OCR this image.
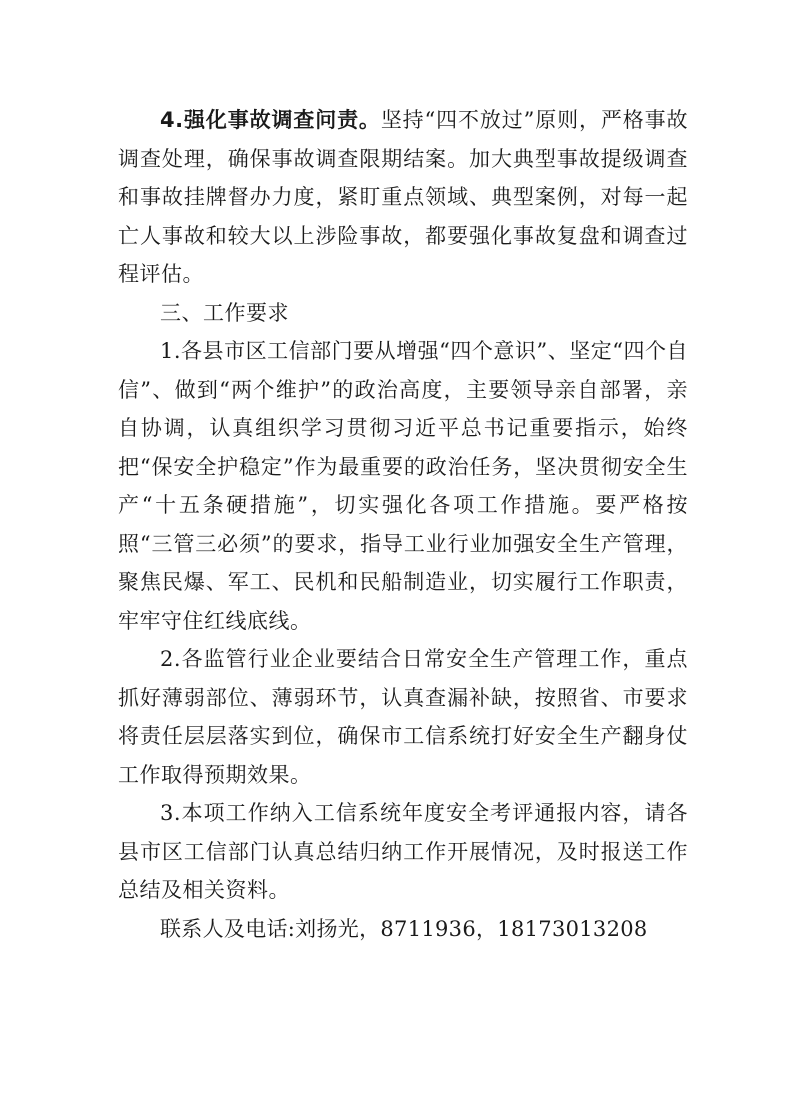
4.强化事故调查问责。坚持“四不放过”原则，严格事故调查处理，确保事故调查限期结案。加大典型事故提级调查和事故挂牌督办力度，紧盯重点领域、典型案例，对每一起亡人事故和较大以上涉险事故，都要强化事故复盘和调查过程评估。

三、工作要求

1.各县市区工信部门要从增强“四个意识”、坚定“四个自信”、做到“两个维护”的政治高度，主要领导亲自部署，亲自协调，认真组织学习贯彻习近平总书记重要指示，始终把“保安全护稳定”作为最重要的政治任务，坚决贯彻安全生产“十五条硬措施”，切实强化各项工作措施。要严格按照“三管三必须”的要求，指导工业行业加强安全生产管理，聚焦民爆、军工、民机和民船制造业，切实履行工作职责，牢牢守住红线底线。

2.各监管行业企业要结合日常安全生产管理工作，重点抓好薄弱部位、薄弱环节，认真查漏补缺，按照省、市要求将责任层层落实到位，确保市工信系统打好安全生产翻身仗工作取得预期效果。

3.本项工作纳入工信系统年度安全考评通报内容，请各县市区工信部门认真总结归纳工作开展情况，及时报送工作总结及相关资料。

联系人及电话:刘扬光，8711936，18173013208
